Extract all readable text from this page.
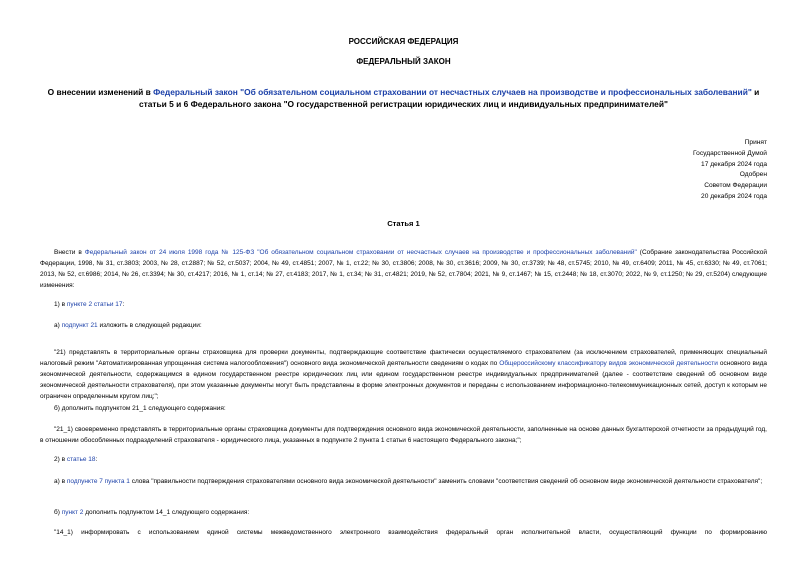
РОССИЙСКАЯ ФЕДЕРАЦИЯ
ФЕДЕРАЛЬНЫЙ ЗАКОН
О внесении изменений в Федеральный закон "Об обязательном социальном страховании от несчастных случаев на производстве и профессиональных заболеваний" и статьи 5 и 6 Федерального закона "О государственной регистрации юридических лиц и индивидуальных предпринимателей"
Принят
Государственной Думой
17 декабря 2024 года
Одобрен
Советом Федерации
20 декабря 2024 года
Статья 1
Внести в Федеральный закон от 24 июля 1998 года № 125-ФЗ "Об обязательном социальном страховании от несчастных случаев на производстве и профессиональных заболеваний" (Собрание законодательства Российской Федерации, 1998, № 31, ст.3803; 2003, № 28, ст.2887; № 52, ст.5037; 2004, № 49, ст.4851; 2007, № 1, ст.22; № 30, ст.3806; 2008, № 30, ст.3616; 2009, № 30, ст.3739; № 48, ст.5745; 2010, № 49, ст.6409; 2011, № 45, ст.6330; № 49, ст.7061; 2013, № 52, ст.6986; 2014, № 26, ст.3394; № 30, ст.4217; 2016, № 1, ст.14; № 27, ст.4183; 2017, № 1, ст.34; № 31, ст.4821; 2019, № 52, ст.7804; 2021, № 9, ст.1467; № 15, ст.2448; № 18, ст.3070; 2022, № 9, ст.1250; № 29, ст.5204) следующие изменения:
1) в пункте 2 статьи 17:
а) подпункт 21 изложить в следующей редакции:
"21) представлять в территориальные органы страховщика для проверки документы, подтверждающие соответствие фактически осуществляемого страхователем (за исключением страхователей, применяющих специальный налоговый режим "Автоматизированная упрощенная система налогообложения") основного вида экономической деятельности сведениям о кодах по Общероссийскому классификатору видов экономической деятельности основного вида экономической деятельности, содержащимся в едином государственном реестре юридических лиц или едином государственном реестре индивидуальных предпринимателей (далее - соответствие сведений об основном виде экономической деятельности страхователя), при этом указанные документы могут быть представлены в форме электронных документов и переданы с использованием информационно-телекоммуникационных сетей, доступ к которым не ограничен определенным кругом лиц;";
б) дополнить подпунктом 21_1 следующего содержания:
"21_1) своевременно представлять в территориальные органы страховщика документы для подтверждения основного вида экономической деятельности, заполненные на основе данных бухгалтерской отчетности за предыдущий год, в отношении обособленных подразделений страхователя - юридического лица, указанных в подпункте 2 пункта 1 статьи 6 настоящего Федерального закона;";
2) в статье 18:
а) в подпункте 7 пункта 1 слова "правильности подтверждения страхователями основного вида экономической деятельности" заменить словами "соответствия сведений об основном виде экономической деятельности страхователя";
б) пункт 2 дополнить подпунктом 14_1 следующего содержания:
"14_1) информировать с использованием единой системы межведомственного электронного взаимодействия федеральный орган исполнительной власти, осуществляющий функции по формированию
